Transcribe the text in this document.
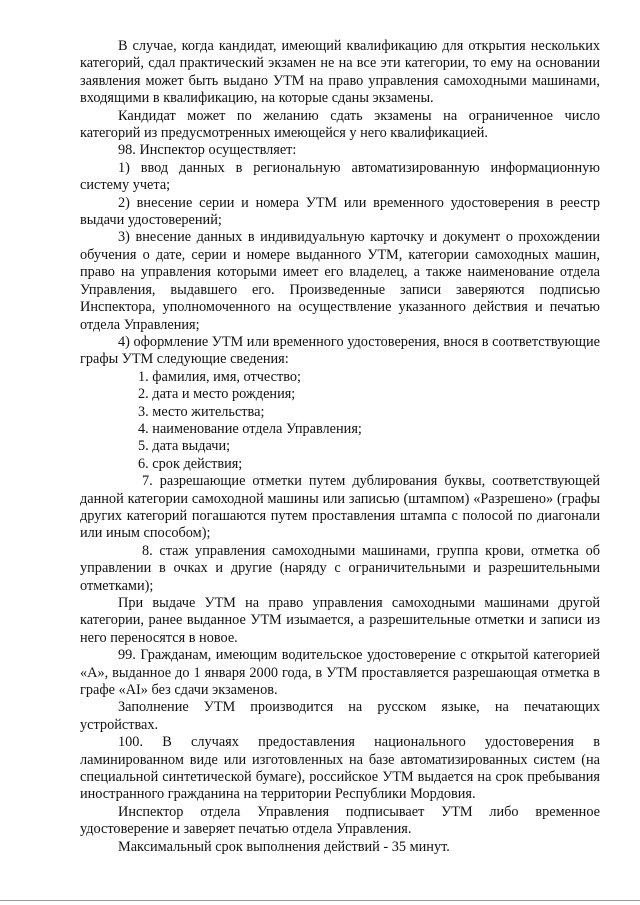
В случае, когда кандидат, имеющий квалификацию для открытия нескольких категорий, сдал практический экзамен не на все эти категории, то ему на основании заявления может быть выдано УТМ на право управления самоходными машинами, входящими в квалификацию, на которые сданы экзамены.

Кандидат может по желанию сдать экзамены на ограниченное число категорий из предусмотренных имеющейся у него квалификацией.

98. Инспектор осуществляет:

1) ввод данных в региональную автоматизированную информационную систему учета;

2) внесение серии и номера УТМ или временного удостоверения в реестр выдачи удостоверений;

3) внесение данных в индивидуальную карточку и документ о прохождении обучения о дате, серии и номере выданного УТМ, категории самоходных машин, право на управления которыми имеет его владелец, а также наименование отдела Управления, выдавшего его. Произведенные записи заверяются подписью Инспектора, уполномоченного на осуществление указанного действия и печатью отдела Управления;

4) оформление УТМ или временного удостоверения, внося в соответствующие графы УТМ следующие сведения:

1. фамилия, имя, отчество;
2. дата и место рождения;
3. место жительства;
4. наименование отдела Управления;
5. дата выдачи;
6. срок действия;

7. разрешающие отметки путем дублирования буквы, соответствующей данной категории самоходной машины или записью (штампом) «Разрешено» (графы других категорий погашаются путем проставления штампа с полосой по диагонали или иным способом);

8. стаж управления самоходными машинами, группа крови, отметка об управлении в очках и другие (наряду с ограничительными и разрешительными отметками);

При выдаче УТМ на право управления самоходными машинами другой категории, ранее выданное УТМ изымается, а разрешительные отметки и записи из него переносятся в новое.

99. Гражданам, имеющим водительское удостоверение с открытой категорией «А», выданное до 1 января 2000 года, в УТМ проставляется разрешающая отметка в графе «АI» без сдачи экзаменов.

Заполнение УТМ производится на русском языке, на печатающих устройствах.

100. В случаях предоставления национального удостоверения в ламинированном виде или изготовленных на базе автоматизированных систем (на специальной синтетической бумаге), российское УТМ выдается на срок пребывания иностранного гражданина на территории Республики Мордовия.

Инспектор отдела Управления подписывает УТМ либо временное удостоверение и заверяет печатью отдела Управления.

Максимальный срок выполнения действий - 35 минут.
